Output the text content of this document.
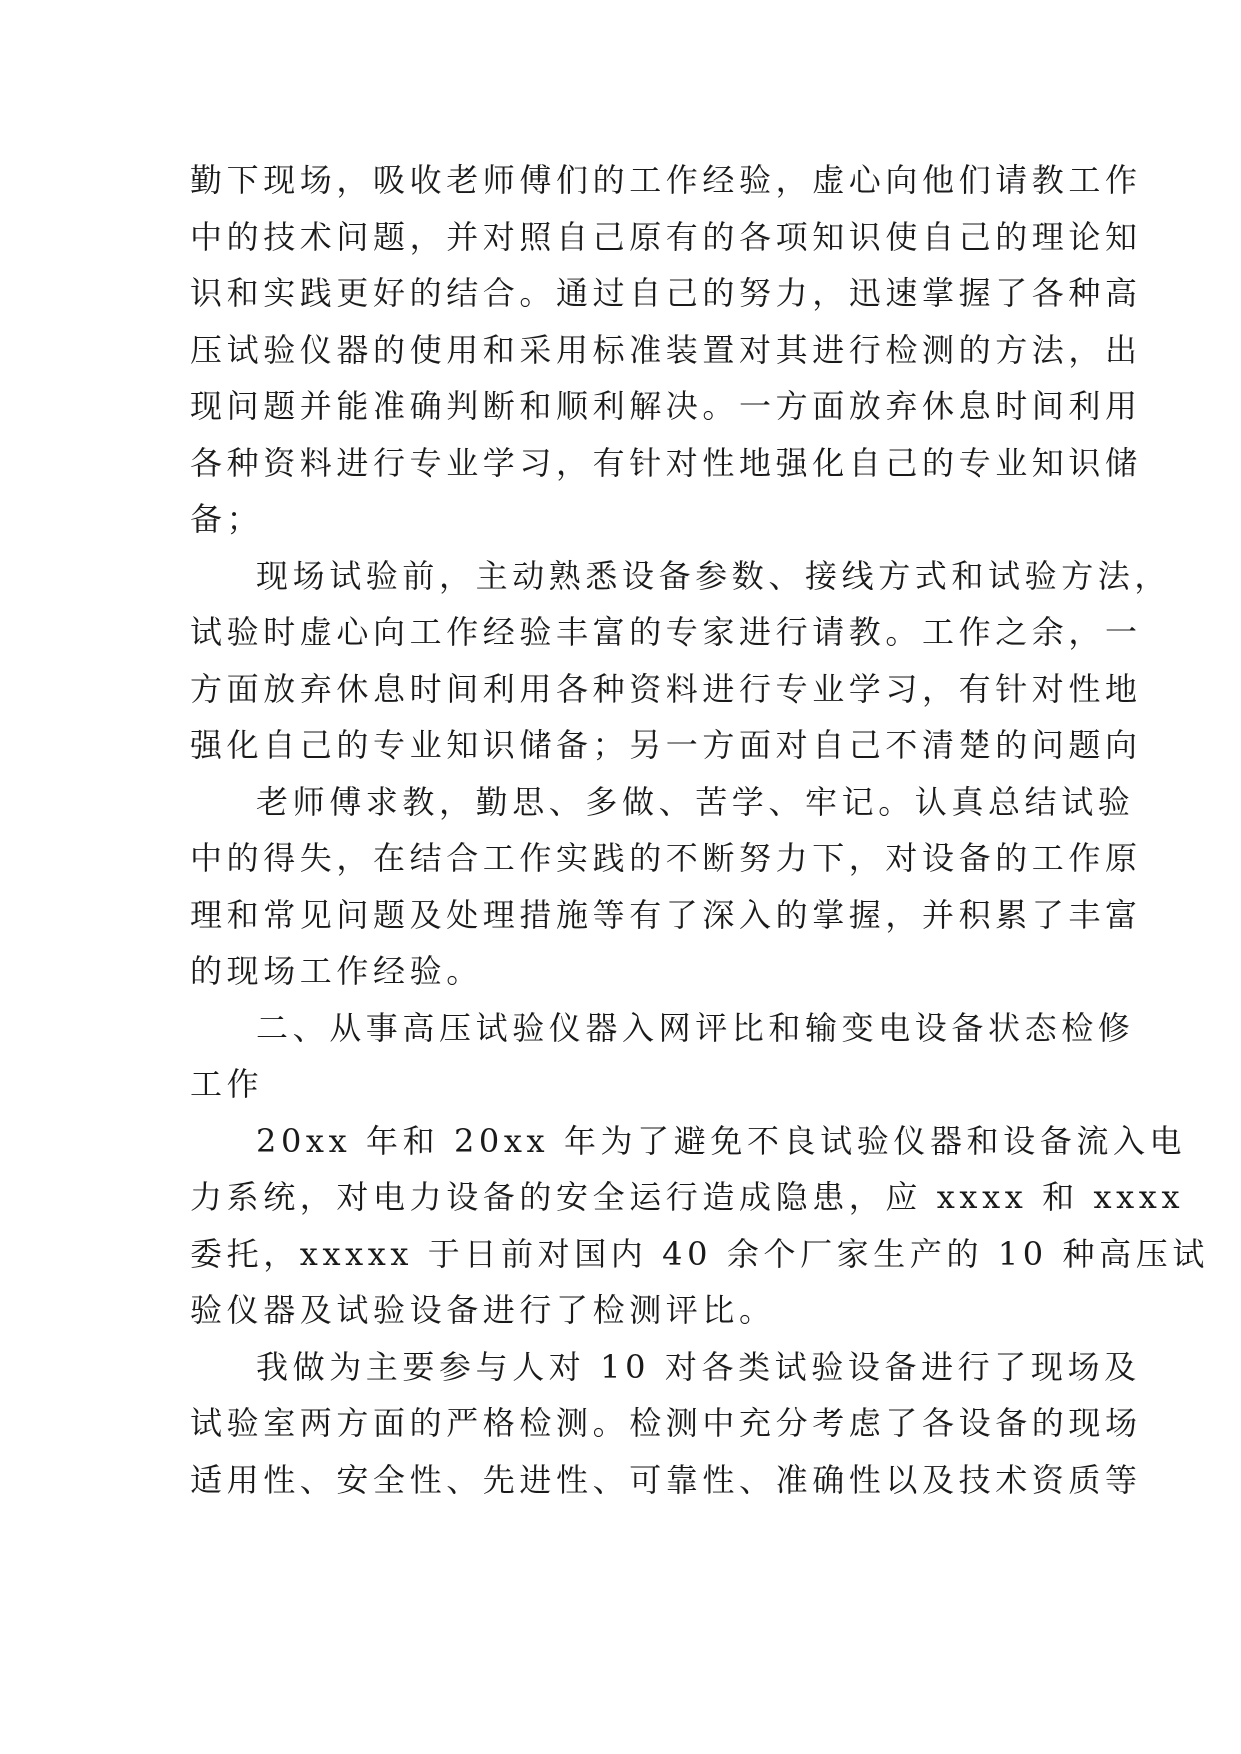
勤下现场，吸收老师傅们的工作经验，虚心向他们请教工作
中的技术问题，并对照自己原有的各项知识使自己的理论知
识和实践更好的结合。通过自己的努力，迅速掌握了各种高
压试验仪器的使用和采用标准装置对其进行检测的方法，出
现问题并能准确判断和顺利解决。一方面放弃休息时间利用
各种资料进行专业学习，有针对性地强化自己的专业知识储
备；
现场试验前，主动熟悉设备参数、接线方式和试验方法，
试验时虚心向工作经验丰富的专家进行请教。工作之余，一
方面放弃休息时间利用各种资料进行专业学习，有针对性地
强化自己的专业知识储备；另一方面对自己不清楚的问题向
老师傅求教，勤思、多做、苦学、牢记。认真总结试验
中的得失，在结合工作实践的不断努力下，对设备的工作原
理和常见问题及处理措施等有了深入的掌握，并积累了丰富
的现场工作经验。
二、从事高压试验仪器入网评比和输变电设备状态检修
工作
20xx 年和 20xx 年为了避免不良试验仪器和设备流入电
力系统，对电力设备的安全运行造成隐患，应 xxxx 和 xxxx
委托，xxxxx 于日前对国内 40 余个厂家生产的 10 种高压试
验仪器及试验设备进行了检测评比。
我做为主要参与人对 10 对各类试验设备进行了现场及
试验室两方面的严格检测。检测中充分考虑了各设备的现场
适用性、安全性、先进性、可靠性、准确性以及技术资质等
